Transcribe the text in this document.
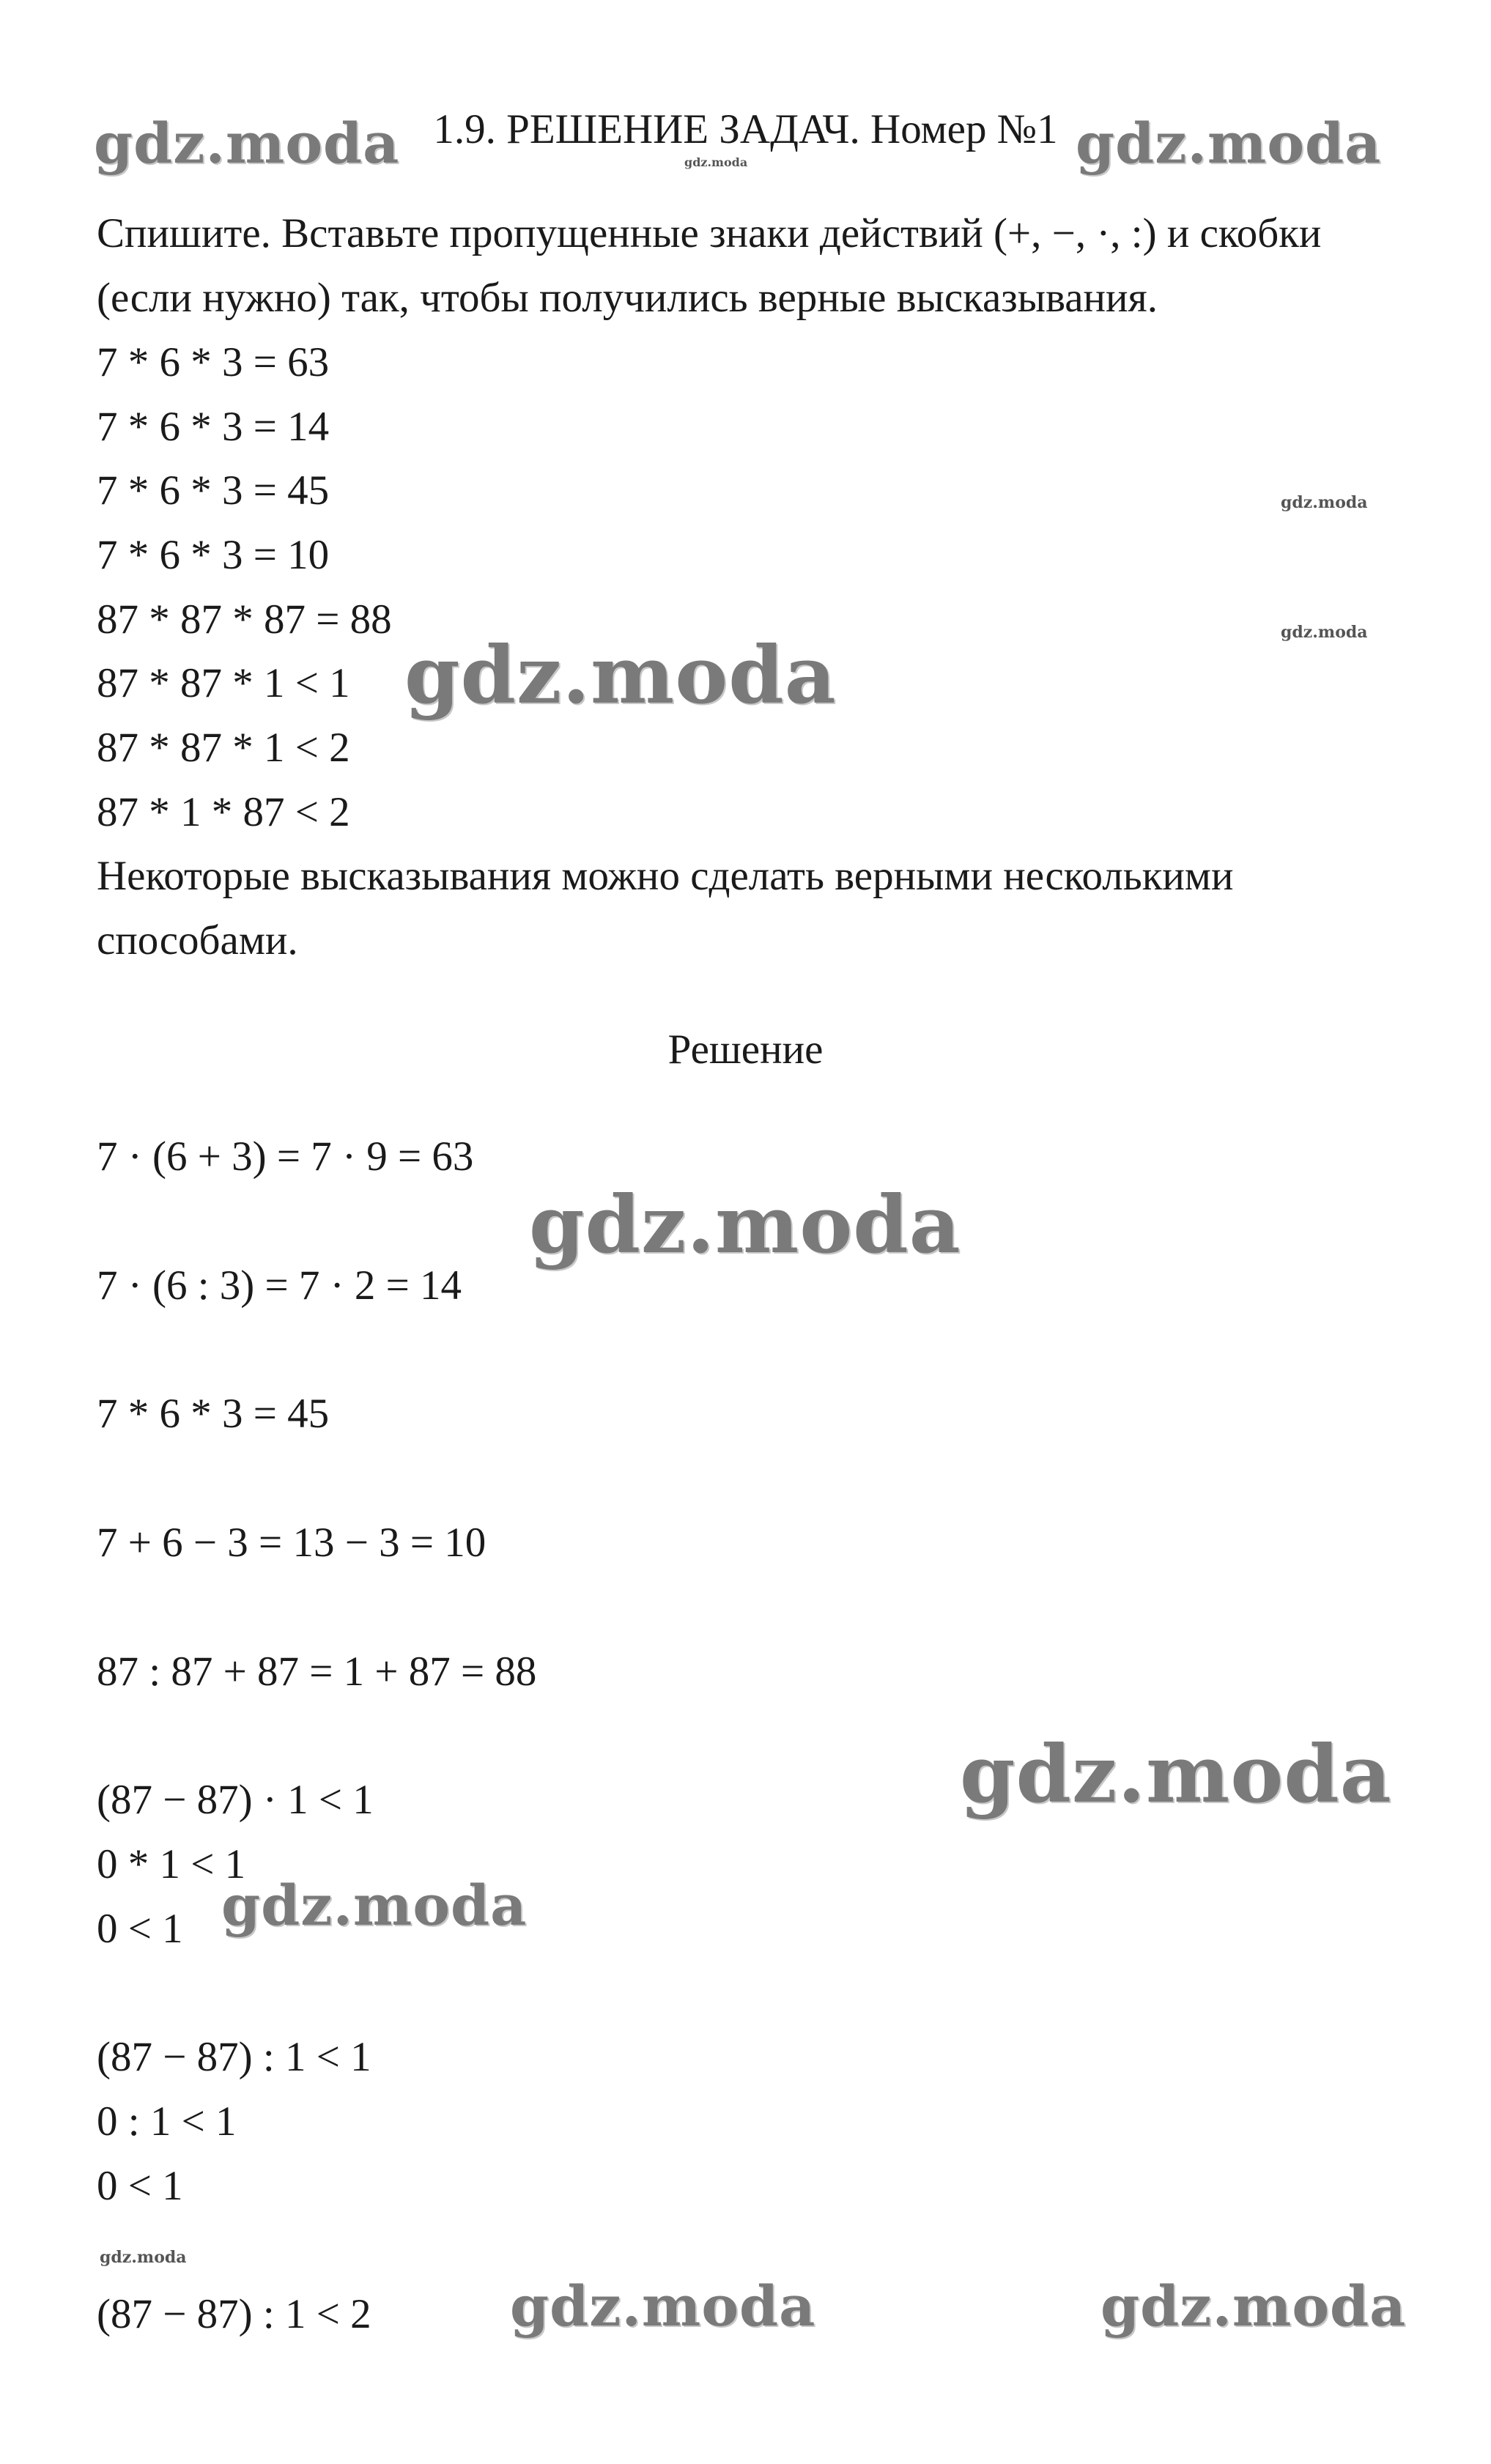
1.9. РЕШЕНИЕ ЗАДАЧ. Номер №1
Спишите. Вставьте пропущенные знаки действий (+, −, ·, :) и скобки
(если нужно) так, чтобы получились верные высказывания.
7 * 6 * 3 = 63
7 * 6 * 3 = 14
7 * 6 * 3 = 45
7 * 6 * 3 = 10
87 * 87 * 87 = 88
87 * 87 * 1 < 1
87 * 87 * 1 < 2
87 * 1 * 87 < 2
Некоторые высказывания можно сделать верными несколькими
способами.
Решение
7 · (6 + 3) = 7 · 9 = 63
7 · (6 : 3) = 7 · 2 = 14
7 * 6 * 3 = 45
7 + 6 − 3 = 13 − 3 = 10
87 : 87 + 87 = 1 + 87 = 88
(87 − 87) · 1 < 1
0 * 1 < 1
0 < 1
(87 − 87) : 1 < 1
0 : 1 < 1
0 < 1
(87 − 87) : 1 < 2
gdz.moda	gdz.moda
gdz.moda
gdz.moda
gdz.moda
gdz.moda
gdz.moda
gdz.moda
gdz.moda
gdz.moda
gdz.moda	gdz.moda
